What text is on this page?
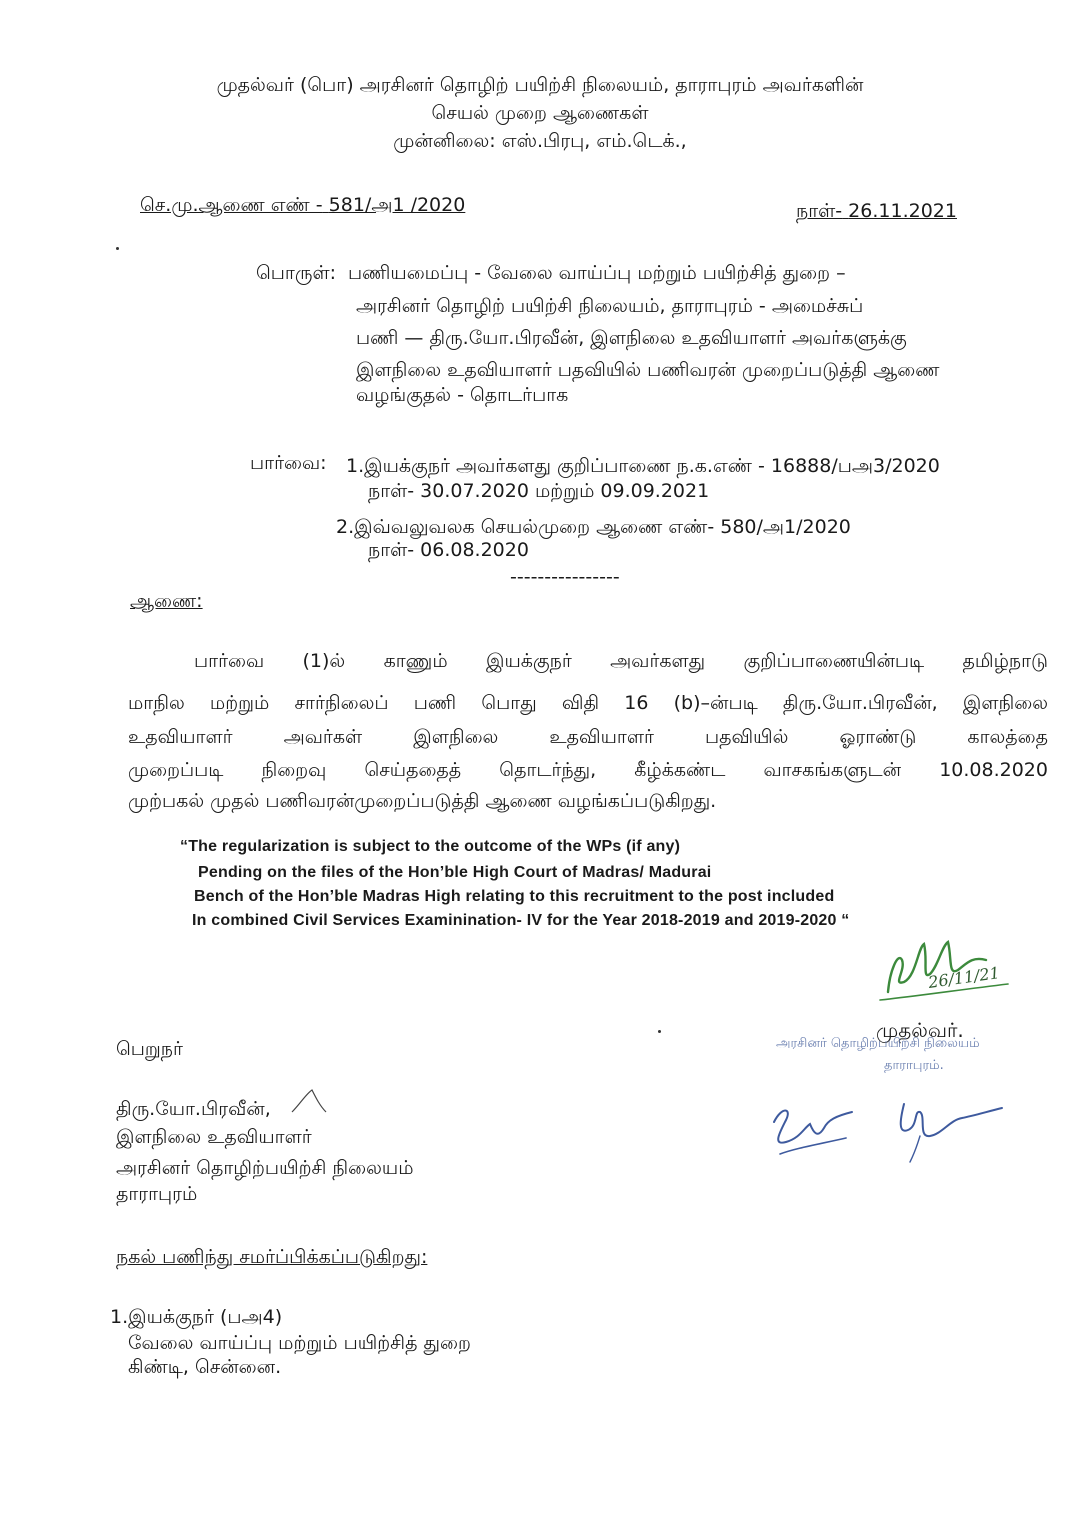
முதல்வர் (பொ) அரசினர் தொழிற் பயிற்சி நிலையம், தாராபுரம் அவர்களின்
செயல் முறை ஆணைகள்
முன்னிலை: எஸ்.பிரபு, எம்.டெக்.,
செ.மு.ஆணை எண் - 581/அ1 /2020	நாள்- 26.11.2021
பொருள்: பணியமைப்பு - வேலை வாய்ப்பு மற்றும் பயிற்சித் துறை –
அரசினர் தொழிற் பயிற்சி நிலையம், தாராபுரம் - அமைச்சுப்
பணி — திரு.யோ.பிரவீன், இளநிலை உதவியாளர் அவர்களுக்கு
இளநிலை உதவியாளர் பதவியில் பணிவரன் முறைப்படுத்தி ஆணை
வழங்குதல் - தொடர்பாக
பார்வை: 1.இயக்குநர் அவர்களது குறிப்பாணை ந.க.எண் - 16888/பஅ3/2020
நாள்- 30.07.2020 மற்றும் 09.09.2021
2.இவ்வலுவலக செயல்முறை ஆணை எண்- 580/அ1/2020
நாள்- 06.08.2020
----------------
ஆணை:
பார்வை (1)ல் காணும் இயக்குநர் அவர்களது குறிப்பாணையின்படி தமிழ்நாடு
மாநில மற்றும் சார்நிலைப் பணி பொது விதி 16 (b)–ன்படி திரு.யோ.பிரவீன், இளநிலை
உதவியாளர் அவர்கள் இளநிலை உதவியாளர் பதவியில் ஓராண்டு காலத்தை
முறைப்படி நிறைவு செய்ததைத் தொடர்ந்து, கீழ்க்கண்ட வாசகங்களுடன் 10.08.2020
முற்பகல் முதல் பணிவரன்முறைப்படுத்தி ஆணை வழங்கப்படுகிறது.
“The regularization is subject to the outcome of the WPs (if any)
Pending on the files of the Hon’ble High Court of Madras/ Madurai
Bench of the Hon’ble Madras High relating to this recruitment to the post included
In combined Civil Services Examinination- IV for the Year 2018-2019 and 2019-2020 “
26/11/21
முதல்வர்.
அரசினர் தொழிற்பயிற்சி நிலையம்
தாராபுரம்.
பெறுநர்
திரு.யோ.பிரவீன்,
இளநிலை உதவியாளர்
அரசினர் தொழிற்பயிற்சி நிலையம்
தாராபுரம்
நகல் பணிந்து சமர்ப்பிக்கப்படுகிறது:
1.இயக்குநர் (பஅ4)
வேலை வாய்ப்பு மற்றும் பயிற்சித் துறை
கிண்டி, சென்னை.
